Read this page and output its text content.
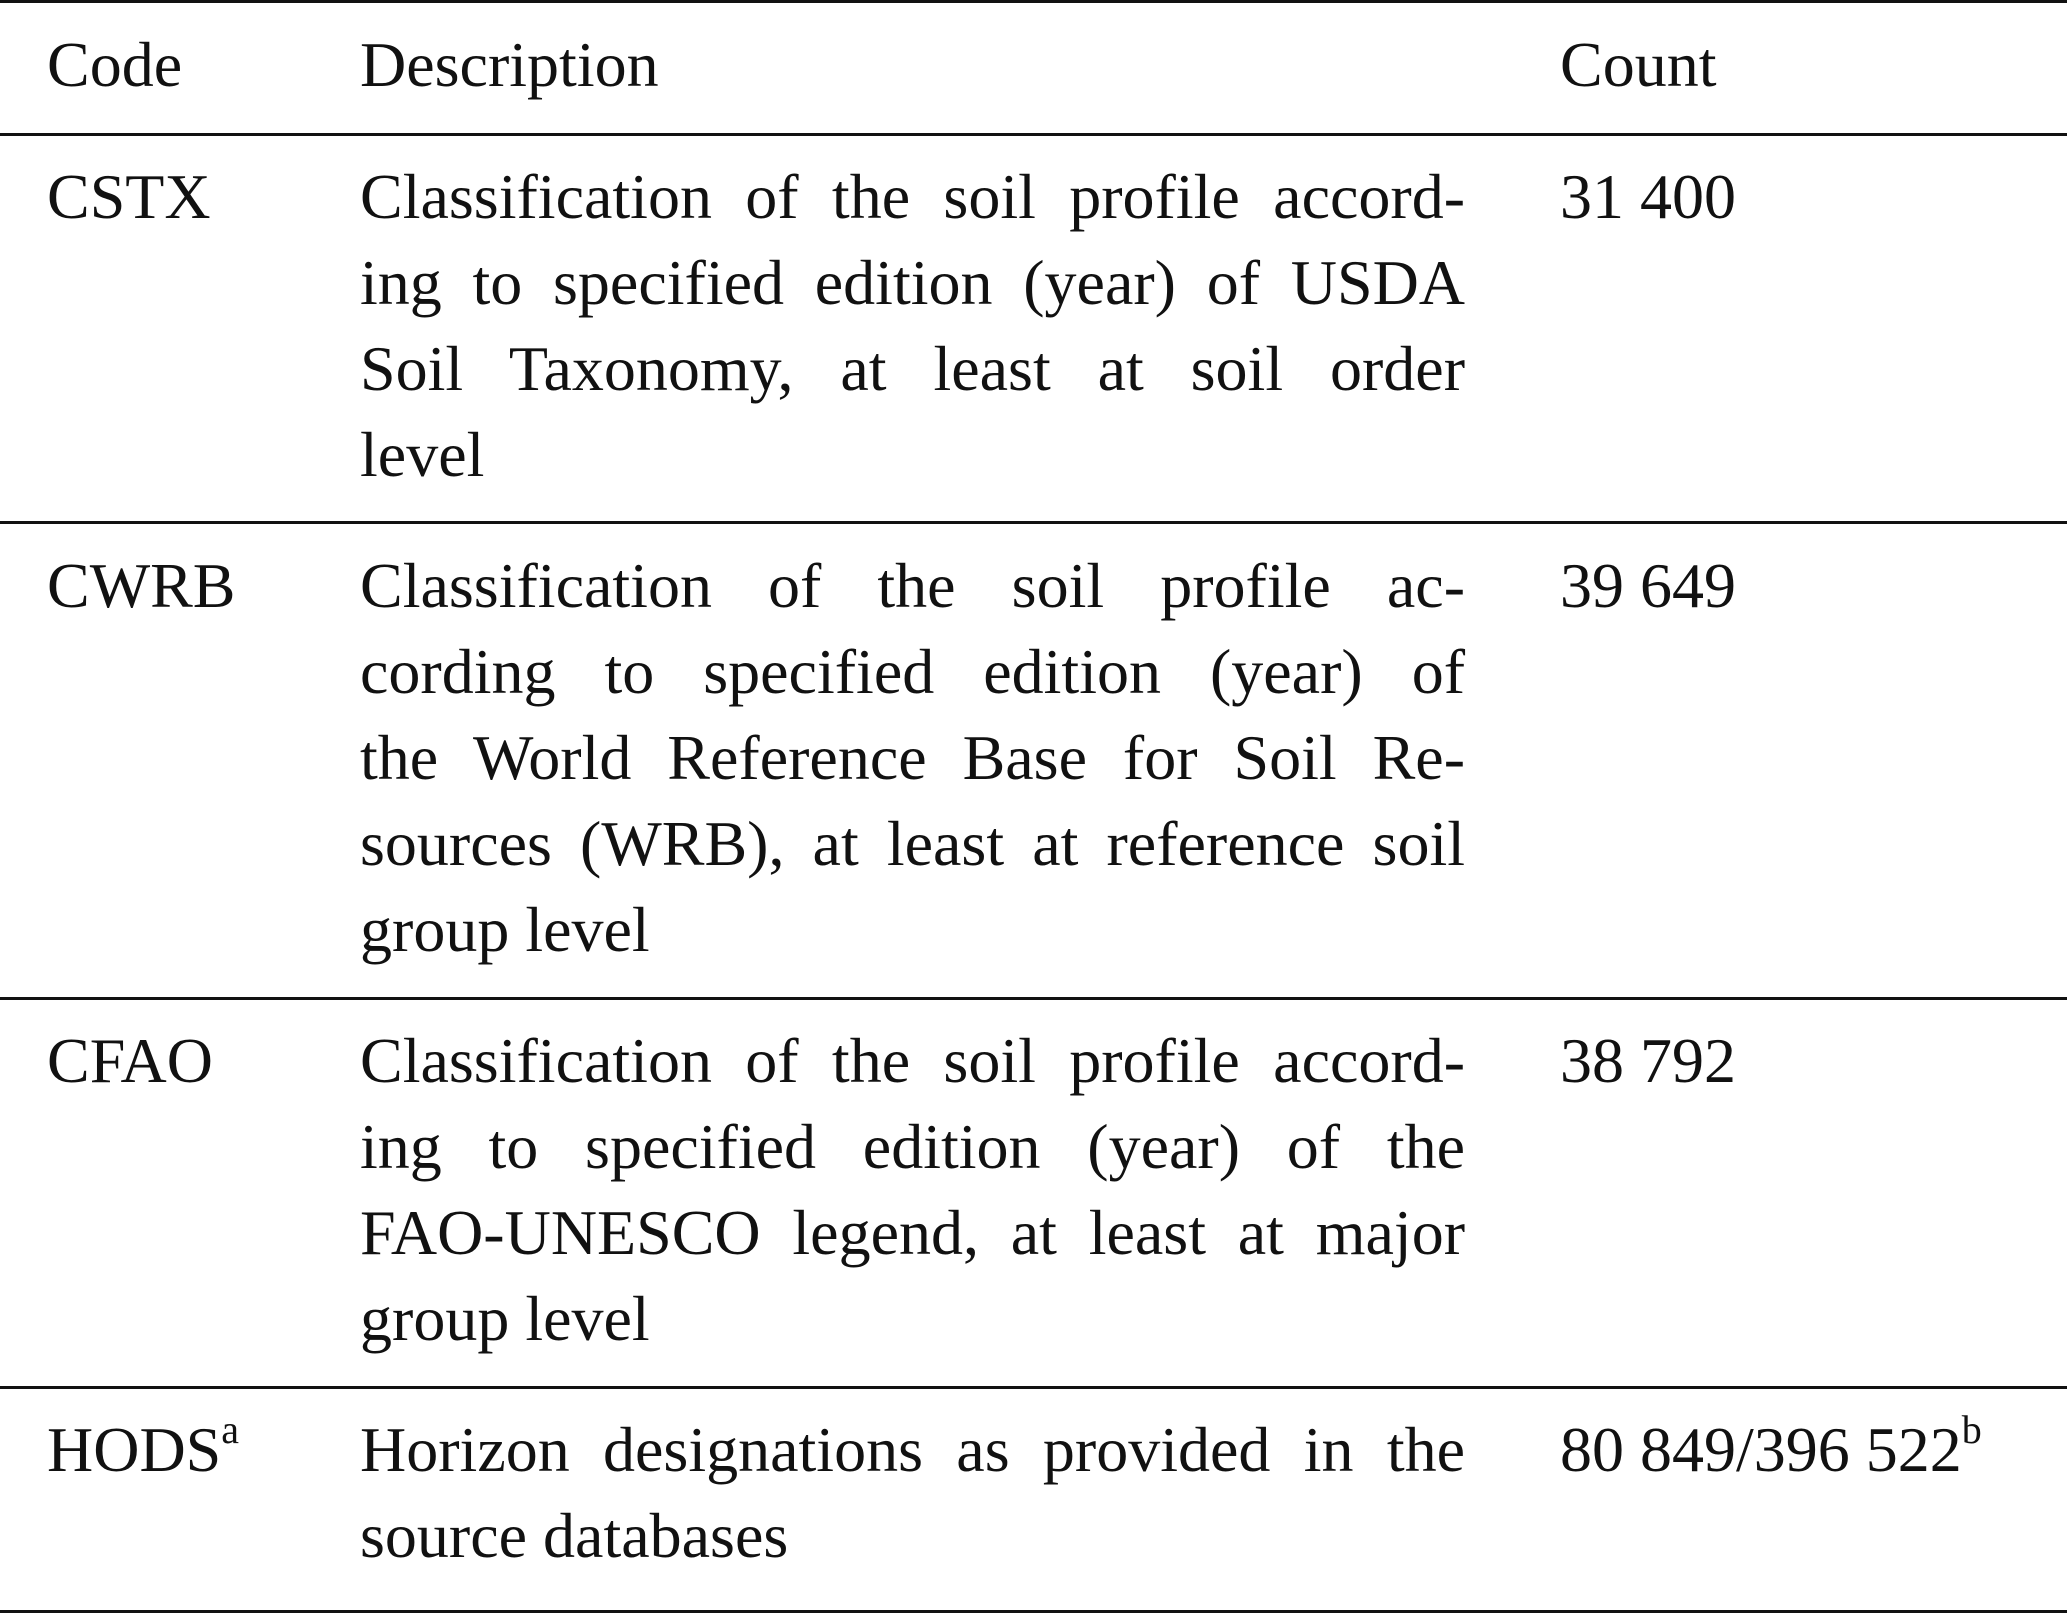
Code	Description	Count
CSTX Classification of the soil profile accord-
ing to specified edition (year) of USDA
Soil Taxonomy, at least at soil order
level
31 400
CWRB Classification of the soil profile ac-
cording to specified edition (year) of
the World Reference Base for Soil Re-
sources (WRB), at least at reference soil
group level
39 649
CFAO Classification of the soil profile accord-
ing to specified edition (year) of the
FAO-UNESCO legend, at least at major
group level
38 792
HODS$^a$ Horizon designations as provided in the
source databases
80 849/396 522$^b$
